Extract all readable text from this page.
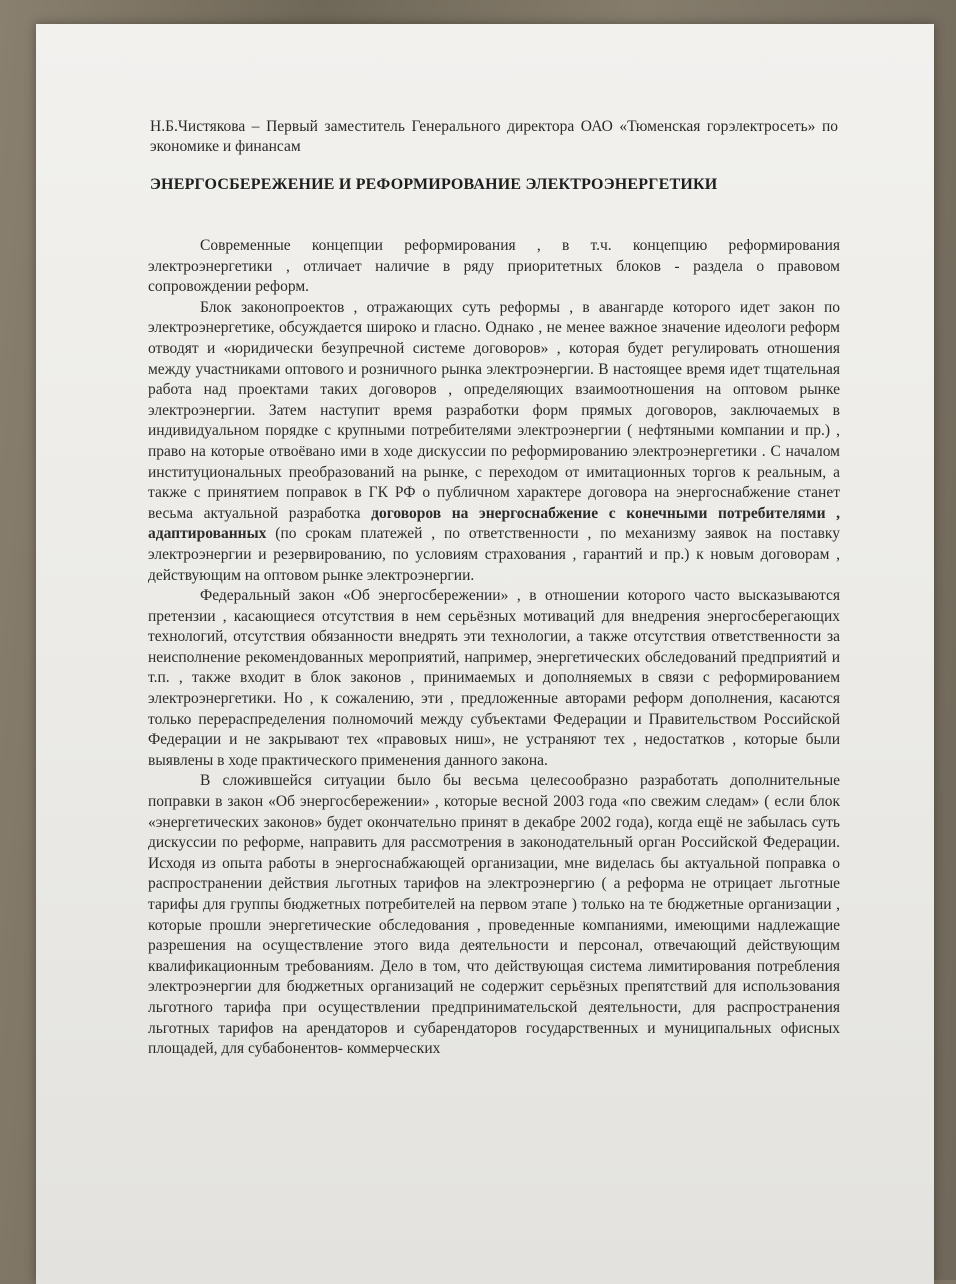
Н.Б.Чистякова – Первый заместитель Генерального директора ОАО «Тюменская горэлектросеть» по экономике и финансам
ЭНЕРГОСБЕРЕЖЕНИЕ И РЕФОРМИРОВАНИЕ ЭЛЕКТРОЭНЕРГЕТИКИ

Современные концепции реформирования , в т.ч. концепцию реформирования электроэнергетики , отличает наличие в ряду приоритетных блоков - раздела о правовом сопровождении реформ.

Блок законопроектов , отражающих суть реформы , в авангарде которого идет закон по электроэнергетике, обсуждается широко и гласно. Однако , не менее важное значение идеологи реформ отводят и «юридически безупречной системе договоров» , которая будет регулировать отношения между участниками оптового и розничного рынка электроэнергии. В настоящее время идет тщательная работа над проектами таких договоров , определяющих взаимоотношения на оптовом рынке электроэнергии. Затем наступит время разработки форм прямых договоров, заключаемых в индивидуальном порядке с крупными потребителями электроэнергии ( нефтяными компании и пр.) , право на которые отвоёвано ими в ходе дискуссии по реформированию электроэнергетики . С началом институциональных преобразований на рынке, с переходом от имитационных торгов к реальным, а также с принятием поправок в ГК РФ о публичном характере договора на энергоснабжение станет весьма актуальной разработка договоров на энергоснабжение с конечными потребителями , адаптированных (по срокам платежей , по ответственности , по механизму заявок на поставку электроэнергии и резервированию, по условиям страхования , гарантий и пр.) к новым договорам , действующим на оптовом рынке электроэнергии.

Федеральный закон «Об энергосбережении» , в отношении которого часто высказываются претензии , касающиеся отсутствия в нем серьёзных мотиваций для внедрения энергосберегающих технологий, отсутствия обязанности внедрять эти технологии, а также отсутствия ответственности за неисполнение рекомендованных мероприятий, например, энергетических обследований предприятий и т.п. , также входит в блок законов , принимаемых и дополняемых в связи с реформированием электроэнергетики. Но , к сожалению, эти , предложенные авторами реформ дополнения, касаются только перераспределения полномочий между субъектами Федерации и Правительством Российской Федерации и не закрывают тех «правовых ниш», не устраняют тех , недостатков , которые были выявлены в ходе практического применения данного закона.

В сложившейся ситуации было бы весьма целесообразно разработать дополнительные поправки в закон «Об энергосбережении» , которые весной 2003 года «по свежим следам» ( если блок «энергетических законов» будет окончательно принят в декабре 2002 года), когда ещё не забылась суть дискуссии по реформе, направить для рассмотрения в законодательный орган Российской Федерации. Исходя из опыта работы в энергоснабжающей организации, мне виделась бы актуальной поправка о распространении действия льготных тарифов на электроэнергию ( а реформа не отрицает льготные тарифы для группы бюджетных потребителей на первом этапе ) только на те бюджетные организации , которые прошли энергетические обследования , проведенные компаниями, имеющими надлежащие разрешения на осуществление этого вида деятельности и персонал, отвечающий действующим квалификационным требованиям. Дело в том, что действующая система лимитирования потребления электроэнергии для бюджетных организаций не содержит серьёзных препятствий для использования льготного тарифа при осуществлении предпринимательской деятельности, для распространения льготных тарифов на арендаторов и субарендаторов государственных и муниципальных офисных площадей, для субабонентов- коммерческих
